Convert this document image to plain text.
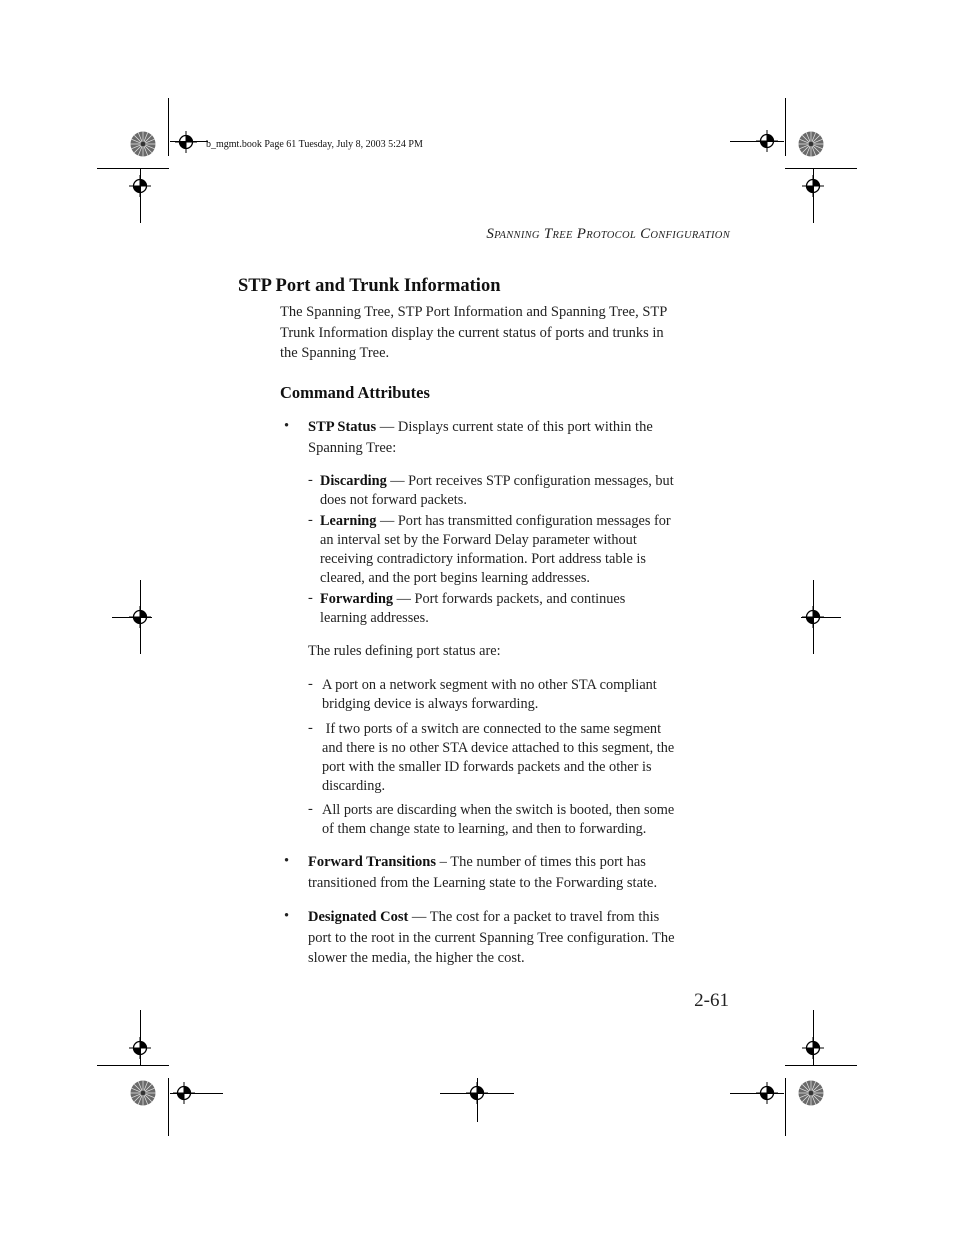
b_mgmt.book Page 61 Tuesday, July 8, 2003 5:24 PM
SPANNING TREE PROTOCOL CONFIGURATION
STP Port and Trunk Information
The Spanning Tree, STP Port Information and Spanning Tree, STP
Trunk Information display the current status of ports and trunks in
the Spanning Tree.
Command Attributes
• STP Status — Displays current state of this port within the
Spanning Tree:
- Discarding — Port receives STP configuration messages, but
does not forward packets.
- Learning — Port has transmitted configuration messages for
an interval set by the Forward Delay parameter without
receiving contradictory information. Port address table is
cleared, and the port begins learning addresses.
- Forwarding — Port forwards packets, and continues
learning addresses.
The rules defining port status are:
- A port on a network segment with no other STA compliant
bridging device is always forwarding.
- If two ports of a switch are connected to the same segment
and there is no other STA device attached to this segment, the
port with the smaller ID forwards packets and the other is
discarding.
- All ports are discarding when the switch is booted, then some
of them change state to learning, and then to forwarding.
• Forward Transitions – The number of times this port has
transitioned from the Learning state to the Forwarding state.
• Designated Cost — The cost for a packet to travel from this
port to the root in the current Spanning Tree configuration. The
slower the media, the higher the cost.
2-61
